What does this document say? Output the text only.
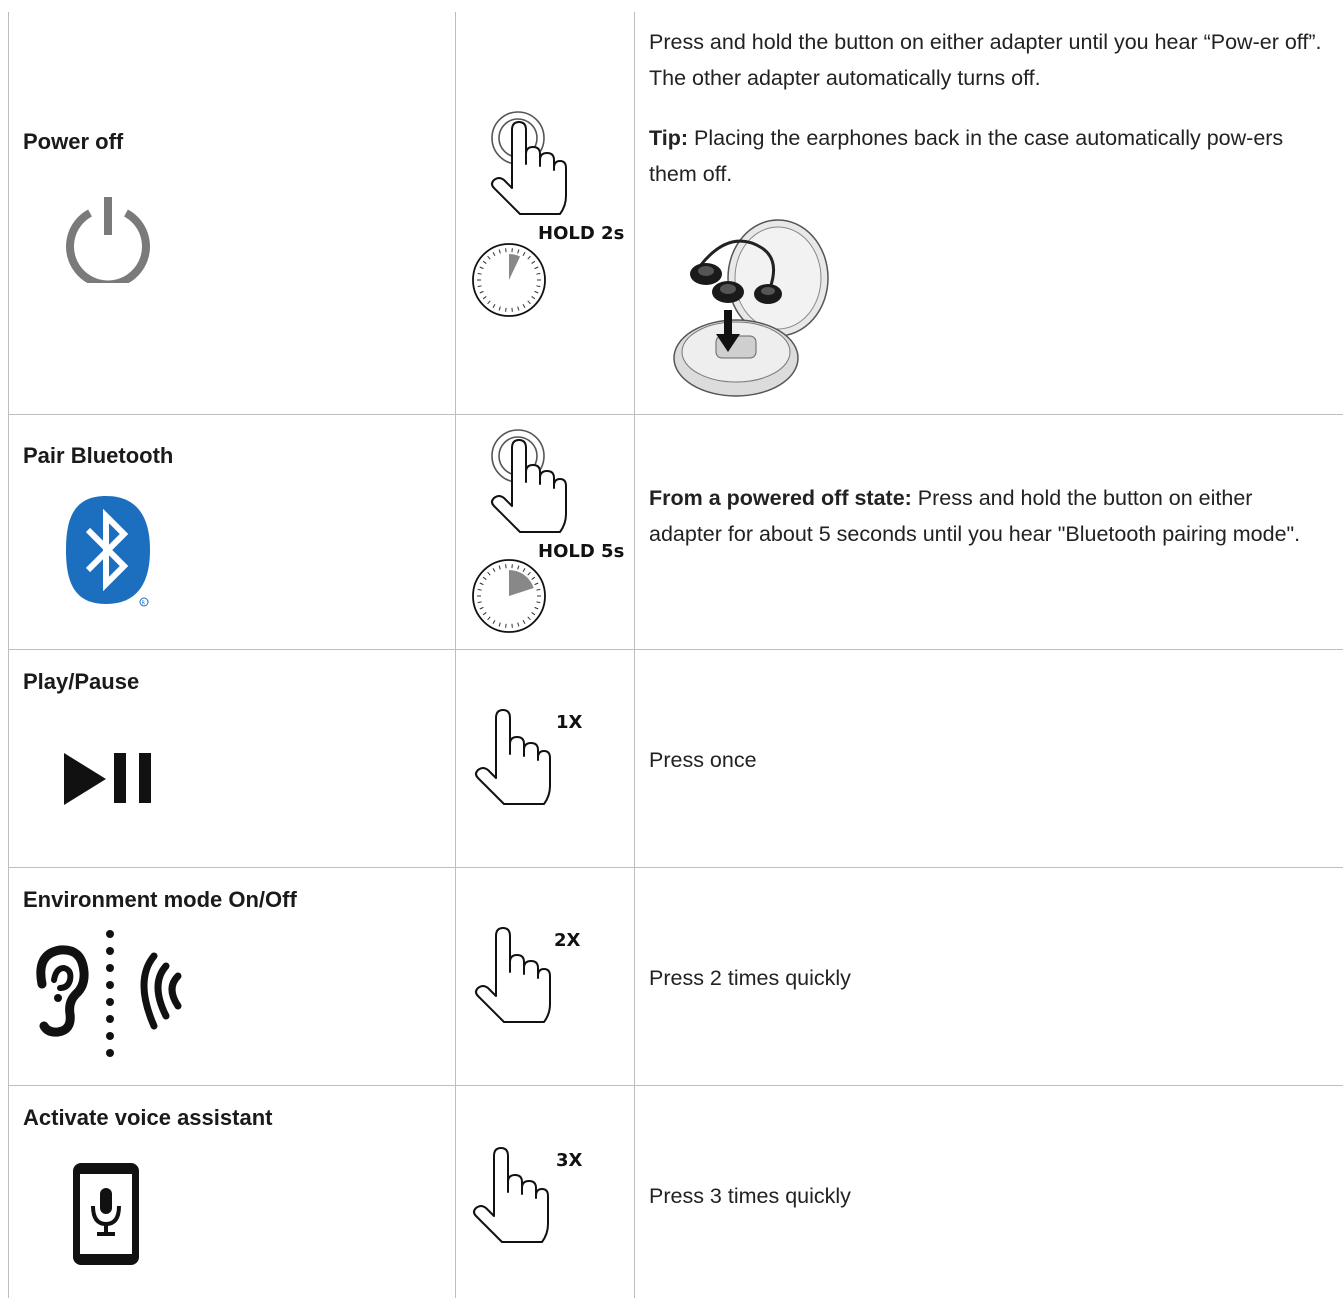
Power off
HOLD 2s

Press and hold the button on either adapter until you hear “Pow-er off”. The other adapter automatically turns off.

Tip: Placing the earphones back in the case automatically pow-ers them off.

Pair Bluetooth
R
HOLD 5s

From a powered off state: Press and hold the button on either adapter for about 5 seconds until you hear "Bluetooth pairing mode".

Play/Pause
1X

Press once

Environment mode On/Off
2X

Press 2 times quickly

Activate voice assistant
3X

Press 3 times quickly
